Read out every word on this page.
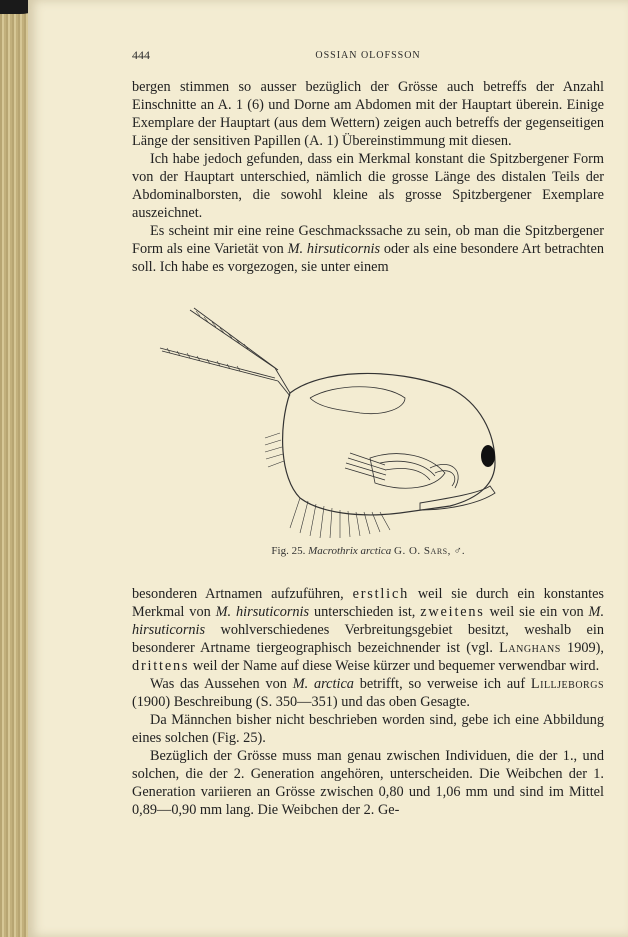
444	OSSIAN OLOFSSON

bergen stimmen so ausser bezüglich der Grösse auch betreffs der Anzahl Einschnitte an A. 1 (6) und Dorne am Abdomen mit der Hauptart überein. Einige Exemplare der Hauptart (aus dem Wettern) zeigen auch betreffs der gegenseitigen Länge der sensitiven Papillen (A. 1) Übereinstimmung mit diesen.

Ich habe jedoch gefunden, dass ein Merkmal konstant die Spitzbergener Form von der Hauptart unterschied, nämlich die grosse Länge des distalen Teils der Abdominalborsten, die sowohl kleine als grosse Spitzbergener Exemplare auszeichnet.

Es scheint mir eine reine Geschmackssache zu sein, ob man die Spitzbergener Form als eine Varietät von M. hirsuticornis oder als eine besondere Art betrachten soll. Ich habe es vorgezogen, sie unter einem

Fig. 25. Macrothrix arctica G. O. Sars, ♂.

besonderen Artnamen aufzuführen, erstlich weil sie durch ein konstantes Merkmal von M. hirsuticornis unterschieden ist, zweitens weil sie ein von M. hirsuticornis wohlverschiedenes Verbreitungsgebiet besitzt, weshalb ein besonderer Artname tiergeographisch bezeichnender ist (vgl. Langhans 1909), drittens weil der Name auf diese Weise kürzer und bequemer verwendbar wird.

Was das Aussehen von M. arctica betrifft, so verweise ich auf Lilljeborgs (1900) Beschreibung (S. 350—351) und das oben Gesagte.

Da Männchen bisher nicht beschrieben worden sind, gebe ich eine Abbildung eines solchen (Fig. 25).

Bezüglich der Grösse muss man genau zwischen Individuen, die der 1., und solchen, die der 2. Generation angehören, unterscheiden. Die Weibchen der 1. Generation variieren an Grösse zwischen 0,80 und 1,06 mm und sind im Mittel 0,89—0,90 mm lang. Die Weibchen der 2. Ge-
